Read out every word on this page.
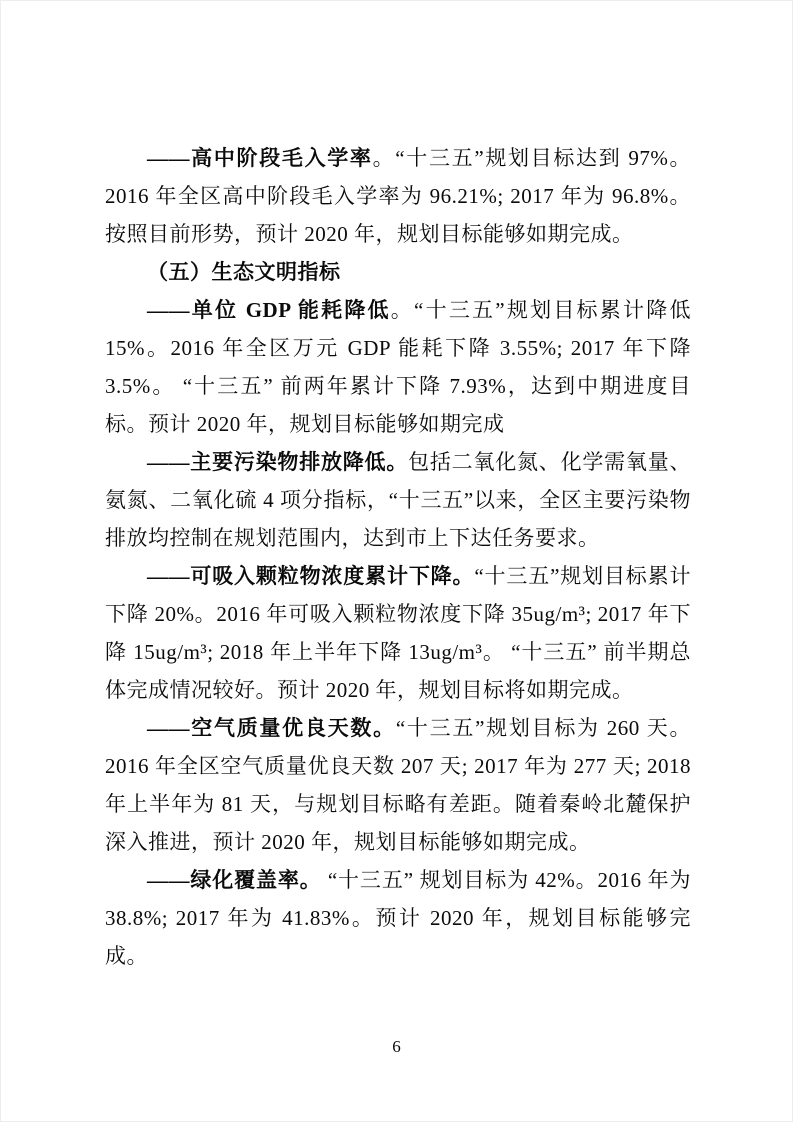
——高中阶段毛入学率。“十三五”规划目标达到 97%。2016 年全区高中阶段毛入学率为 96.21%; 2017 年为 96.8%。按照目前形势，预计 2020 年，规划目标能够如期完成。

（五）生态文明指标

——单位 GDP 能耗降低。“十三五”规划目标累计降低 15%。2016 年全区万元 GDP 能耗下降 3.55%; 2017 年下降 3.5%。 “十三五” 前两年累计下降 7.93%，达到中期进度目标。预计 2020 年，规划目标能够如期完成

——主要污染物排放降低。包括二氧化氮、化学需氧量、氨氮、二氧化硫 4 项分指标，“十三五”以来，全区主要污染物排放均控制在规划范围内，达到市上下达任务要求。

——可吸入颗粒物浓度累计下降。“十三五”规划目标累计下降 20%。2016 年可吸入颗粒物浓度下降 35ug/m³; 2017 年下降 15ug/m³; 2018 年上半年下降 13ug/m³。 “十三五” 前半期总体完成情况较好。预计 2020 年，规划目标将如期完成。

——空气质量优良天数。“十三五”规划目标为 260 天。2016 年全区空气质量优良天数 207 天; 2017 年为 277 天; 2018 年上半年为 81 天，与规划目标略有差距。随着秦岭北麓保护深入推进，预计 2020 年，规划目标能够如期完成。

——绿化覆盖率。 “十三五” 规划目标为 42%。2016 年为 38.8%; 2017 年为 41.83%。预计 2020 年，规划目标能够完成。

6
